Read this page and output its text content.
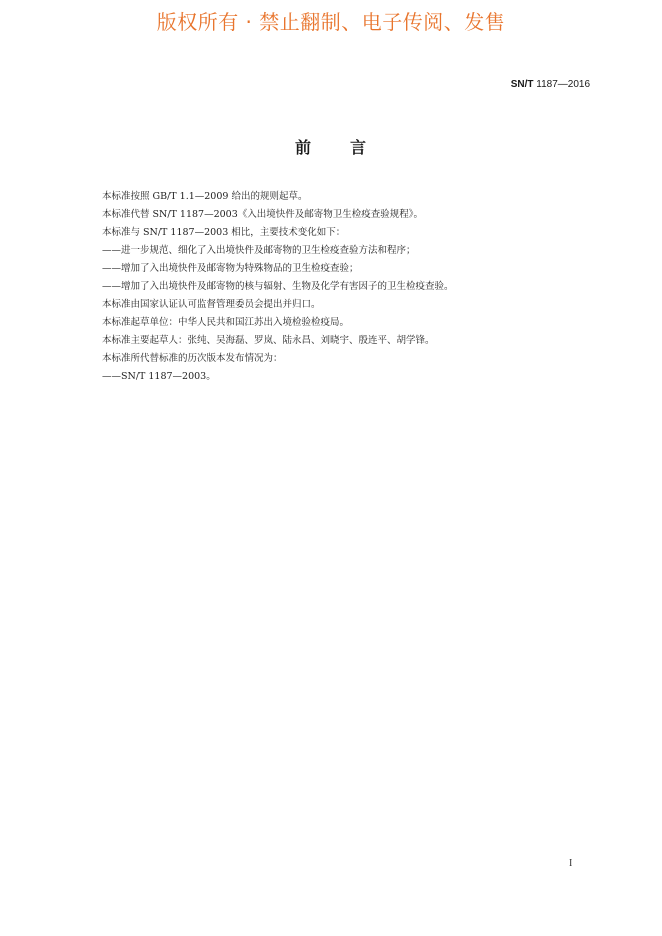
版权所有 · 禁止翻制、电子传阅、发售
SN/T 1187—2016
前 言
本标准按照 GB/T 1.1—2009 给出的规则起草。
本标准代替 SN/T 1187—2003《入出境快件及邮寄物卫生检疫查验规程》。
本标准与 SN/T 1187—2003 相比，主要技术变化如下：
——进一步规范、细化了入出境快件及邮寄物的卫生检疫查验方法和程序；
——增加了入出境快件及邮寄物为特殊物品的卫生检疫查验；
——增加了入出境快件及邮寄物的核与辐射、生物及化学有害因子的卫生检疫查验。
本标准由国家认证认可监督管理委员会提出并归口。
本标准起草单位：中华人民共和国江苏出入境检验检疫局。
本标准主要起草人：张纯、吴海磊、罗岚、陆永昌、刘晓宇、殷连平、胡学锋。
本标准所代替标准的历次版本发布情况为：
——SN/T 1187—2003。
I
